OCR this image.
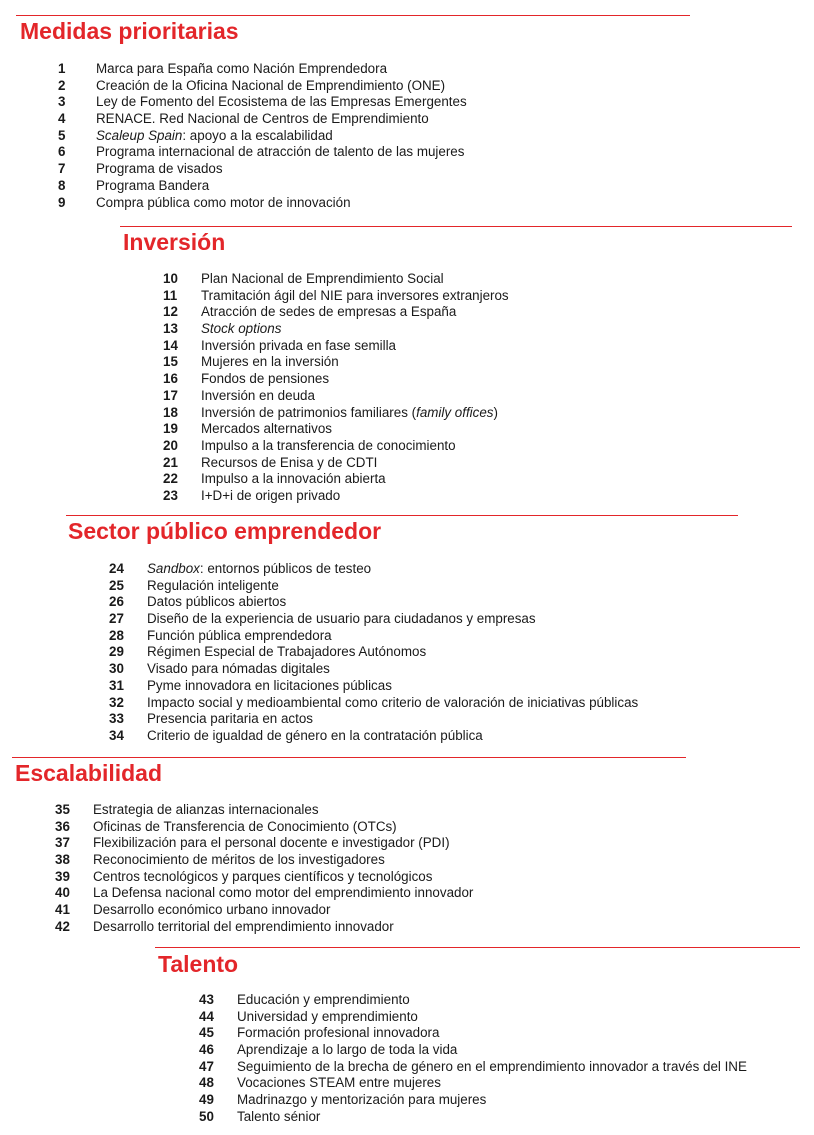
Medidas prioritarias
1	Marca para España como Nación Emprendedora
2	Creación de la Oficina Nacional de Emprendimiento (ONE)
3	Ley de Fomento del Ecosistema de las Empresas Emergentes
4	RENACE. Red Nacional de Centros de Emprendimiento
5	Scaleup Spain: apoyo a la escalabilidad
6	Programa internacional de atracción de talento de las mujeres
7	Programa de visados
8	Programa Bandera
9	Compra pública como motor de innovación
Inversión
10	Plan Nacional de Emprendimiento Social
11	Tramitación ágil del NIE para inversores extranjeros
12	Atracción de sedes de empresas a España
13	Stock options
14	Inversión privada en fase semilla
15	Mujeres en la inversión
16	Fondos de pensiones
17	Inversión en deuda
18	Inversión de patrimonios familiares (family offices)
19	Mercados alternativos
20	Impulso a la transferencia de conocimiento
21	Recursos de Enisa y de CDTI
22	Impulso a la innovación abierta
23	I+D+i de origen privado
Sector público emprendedor
24	Sandbox: entornos públicos de testeo
25	Regulación inteligente
26	Datos públicos abiertos
27	Diseño de la experiencia de usuario para ciudadanos y empresas
28	Función pública emprendedora
29	Régimen Especial de Trabajadores Autónomos
30	Visado para nómadas digitales
31	Pyme innovadora en licitaciones públicas
32	Impacto social y medioambiental como criterio de valoración de iniciativas públicas
33	Presencia paritaria en actos
34	Criterio de igualdad de género en la contratación pública
Escalabilidad
35	Estrategia de alianzas internacionales
36	Oficinas de Transferencia de Conocimiento (OTCs)
37	Flexibilización para el personal docente e investigador (PDI)
38	Reconocimiento de méritos de los investigadores
39	Centros tecnológicos y parques científicos y tecnológicos
40	La Defensa nacional como motor del emprendimiento innovador
41	Desarrollo económico urbano innovador
42	Desarrollo territorial del emprendimiento innovador
Talento
43	Educación y emprendimiento
44	Universidad y emprendimiento
45	Formación profesional innovadora
46	Aprendizaje a lo largo de toda la vida
47	Seguimiento de la brecha de género en el emprendimiento innovador a través del INE
48	Vocaciones STEAM entre mujeres
49	Madrinazgo y mentorización para mujeres
50	Talento sénior
